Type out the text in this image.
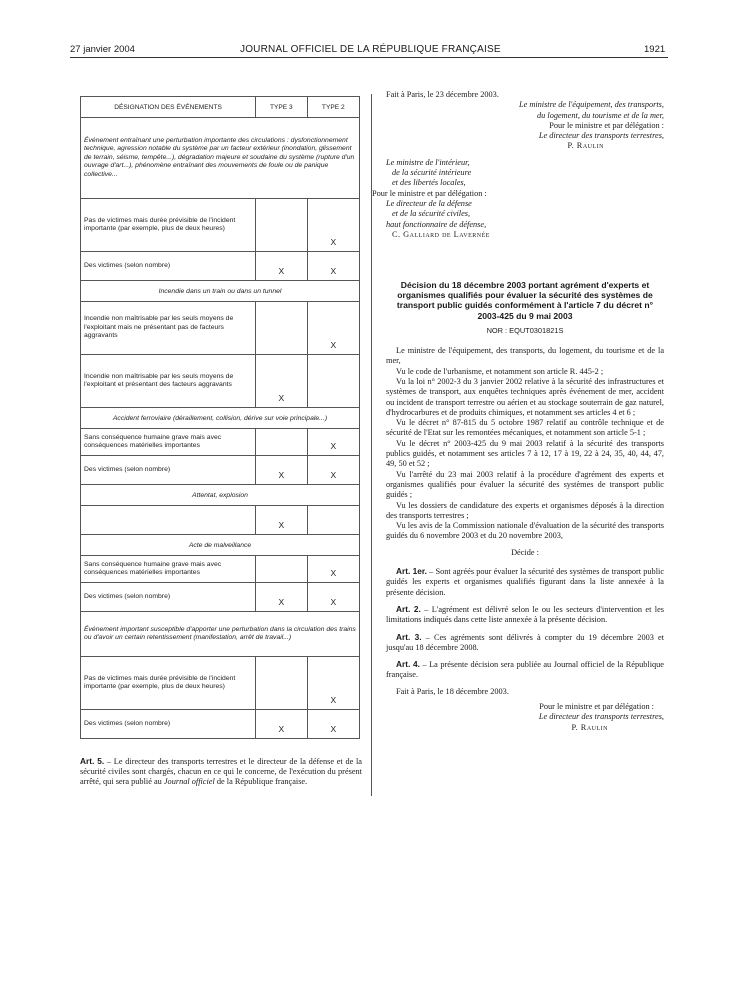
27 janvier 2004	JOURNAL OFFICIEL DE LA RÉPUBLIQUE FRANÇAISE	1921
DÉSIGNATION DES ÉVÉNEMENTS	TYPE 3	TYPE 2
Événement entraînant une perturbation importante des circulations : dysfonctionnement technique, agression notable du système par un facteur extérieur (inondation, glissement de terrain, séisme, tempête...), dégradation majeure et soudaine du système (rupture d'un ouvrage d'art...), phénomène entraînant des mouvements de foule ou de panique collective...		
Pas de victimes mais durée prévisible de l'incident importante (par exemple, plus de deux heures)		X
Des victimes (selon nombre)	X	X
Incendie dans un train ou dans un tunnel		
Incendie non maîtrisable par les seuls moyens de l'exploitant mais ne présentant pas de facteurs aggravants		X
Incendie non maîtrisable par les seuls moyens de l'exploitant et présentant des facteurs aggravants	X	
Accident ferroviaire (déraillement, collision, dérive sur voie principale...)		
Sans conséquence humaine grave mais avec conséquences matérielles importantes		X
Des victimes (selon nombre)	X	X
Attentat, explosion		
	X	
Acte de malveillance		
Sans conséquence humaine grave mais avec conséquences matérielles importantes		X
Des victimes (selon nombre)	X	X
Événement important susceptible d'apporter une perturbation dans la circulation des trains ou d'avoir un certain retentissement (manifestation, arrêt de travail...)		
Pas de victimes mais durée prévisible de l'incident importante (par exemple, plus de deux heures)		X
Des victimes (selon nombre)	X	X
Art. 5. – Le directeur des transports terrestres et le directeur de la défense et de la sécurité civiles sont chargés, chacun en ce qui le concerne, de l'exécution du présent arrêté, qui sera publié au Journal officiel de la République française.
Fait à Paris, le 23 décembre 2003.
Le ministre de l'équipement, des transports,
du logement, du tourisme et de la mer,
Pour le ministre et par délégation :
Le directeur des transports terrestres,
P. Raulin
Le ministre de l'intérieur,
de la sécurité intérieure
et des libertés locales,
Pour le ministre et par délégation :
Le directeur de la défense
et de la sécurité civiles,
haut fonctionnaire de défense,
C. Galliard de Lavernée
Décision du 18 décembre 2003 portant agrément d'experts et organismes qualifiés pour évaluer la sécurité des systèmes de transport public guidés conformément à l'article 7 du décret n° 2003-425 du 9 mai 2003
NOR : EQUT0301821S
Le ministre de l'équipement, des transports, du logement, du tourisme et de la mer,
Vu le code de l'urbanisme, et notamment son article R. 445-2 ;
Vu la loi n° 2002-3 du 3 janvier 2002 relative à la sécurité des infrastructures et systèmes de transport, aux enquêtes techniques après événement de mer, accident ou incident de transport terrestre ou aérien et au stockage souterrain de gaz naturel, d'hydrocarbures et de produits chimiques, et notamment ses articles 4 et 6 ;
Vu le décret n° 87-815 du 5 octobre 1987 relatif au contrôle technique et de sécurité de l'Etat sur les remontées mécaniques, et notamment son article 5-1 ;
Vu le décret n° 2003-425 du 9 mai 2003 relatif à la sécurité des transports publics guidés, et notamment ses articles 7 à 12, 17 à 19, 22 à 24, 35, 40, 44, 47, 49, 50 et 52 ;
Vu l'arrêté du 23 mai 2003 relatif à la procédure d'agrément des experts et organismes qualifiés pour évaluer la sécurité des systèmes de transport public guidés ;
Vu les dossiers de candidature des experts et organismes déposés à la direction des transports terrestres ;
Vu les avis de la Commission nationale d'évaluation de la sécurité des transports guidés du 6 novembre 2003 et du 20 novembre 2003,
Décide :
Art. 1er. – Sont agréés pour évaluer la sécurité des systèmes de transport public guidés les experts et organismes qualifiés figurant dans la liste annexée à la présente décision.
Art. 2. – L'agrément est délivré selon le ou les secteurs d'intervention et les limitations indiqués dans cette liste annexée à la présente décision.
Art. 3. – Ces agréments sont délivrés à compter du 19 décembre 2003 et jusqu'au 18 décembre 2008.
Art. 4. – La présente décision sera publiée au Journal officiel de la République française.
Fait à Paris, le 18 décembre 2003.
Pour le ministre et par délégation :
Le directeur des transports terrestres,
P. Raulin
